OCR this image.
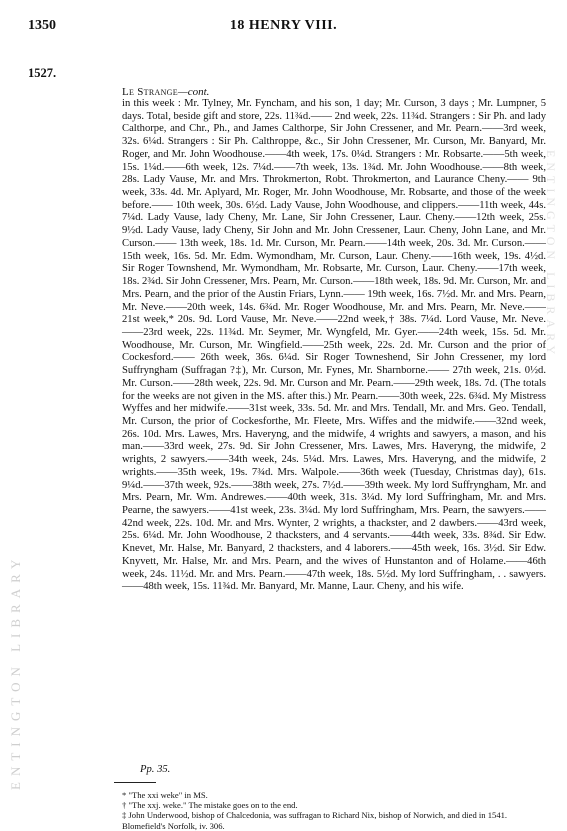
1350	18 HENRY VIII.
1527.
Le Strange—cont.

in this week : Mr. Tylney, Mr. Fyncham, and his son, 1 day; Mr. Curson, 3 days ; Mr. Lumpner, 5 days. Total, beside gift and store, 22s. 11¾d.—— 2nd week, 22s. 11¾d. Strangers : Sir Ph. and lady Calthorpe, and Chr., Ph., and James Calthorpe, Sir John Cressener, and Mr. Pearn.——3rd week, 32s. 6¼d. Strangers : Sir Ph. Calthroppe, &c., Sir John Cressener, Mr. Curson, Mr. Banyard, Mr. Roger, and Mr. John Woodhouse.——4th week, 17s. 0¼d. Strangers : Mr. Robsarte.——5th week, 15s. 1¼d.——6th week, 12s. 7¼d.——7th week, 13s. 1¾d. Mr. John Woodhouse.——8th week, 28s. Lady Vause, Mr. and Mrs. Throkmerton, Robt. Throkmerton, and Laurance Cheny.—— 9th week, 33s. 4d. Mr. Aplyard, Mr. Roger, Mr. John Woodhouse, Mr. Robsarte, and those of the week before.—— 10th week, 30s. 6½d. Lady Vause, John Woodhouse, and clippers.——11th week, 44s. 7¼d. Lady Vause, lady Cheny, Mr. Lane, Sir John Cressener, Laur. Cheny.——12th week, 25s. 9½d. Lady Vause, lady Cheny, Sir John and Mr. John Cressener, Laur. Cheny, John Lane, and Mr. Curson.—— 13th week, 18s. 1d. Mr. Curson, Mr. Pearn.——14th week, 20s. 3d. Mr. Curson.—— 15th week, 16s. 5d. Mr. Edm. Wymondham, Mr. Curson, Laur. Cheny.——16th week, 19s. 4½d. Sir Roger Townshend, Mr. Wymondham, Mr. Robsarte, Mr. Curson, Laur. Cheny.——17th week, 18s. 2¾d. Sir John Cressener, Mrs. Pearn, Mr. Curson.——18th week, 18s. 9d. Mr. Curson, Mr. and Mrs. Pearn, and the prior of the Austin Friars, Lynn.—— 19th week, 16s. 7½d. Mr. and Mrs. Pearn, Mr. Neve.——20th week, 14s. 6¾d. Mr. Roger Woodhouse, Mr. and Mrs. Pearn, Mr. Neve.—— 21st week,* 20s. 9d. Lord Vause, Mr. Neve.——22nd week,† 38s. 7¼d. Lord Vause, Mr. Neve.——23rd week, 22s. 11¾d. Mr. Seymer, Mr. Wyngfeld, Mr. Gyer.——24th week, 15s. 5d. Mr. Woodhouse, Mr. Curson, Mr. Wingfield.——25th week, 22s. 2d. Mr. Curson and the prior of Cockesford.—— 26th week, 36s. 6¼d. Sir Roger Towneshend, Sir John Cressener, my lord Suffryngham (Suffragan ?‡), Mr. Curson, Mr. Fynes, Mr. Sharnborne.—— 27th week, 21s. 0½d. Mr. Curson.——28th week, 22s. 9d. Mr. Curson and Mr. Pearn.——29th week, 18s. 7d. (The totals for the weeks are not given in the MS. after this.) Mr. Pearn.——30th week, 22s. 6¾d. My Mistress Wyffes and her midwife.——31st week, 33s. 5d. Mr. and Mrs. Tendall, Mr. and Mrs. Geo. Tendall, Mr. Curson, the prior of Cockesforthe, Mr. Fleete, Mrs. Wiffes and the midwife.——32nd week, 26s. 10d. Mrs. Lawes, Mrs. Haveryng, and the midwife, 4 wrights and sawyers, a mason, and his man.——33rd week, 27s. 9d. Sir John Cressener, Mrs. Lawes, Mrs. Haveryng, the midwife, 2 wrights, 2 sawyers.——34th week, 24s. 5¼d. Mrs. Lawes, Mrs. Haveryng, and the midwife, 2 wrights.——35th week, 19s. 7¾d. Mrs. Walpole.——36th week (Tuesday, Christmas day), 61s. 9¼d.——37th week, 92s.——38th week, 27s. 7½d.——39th week. My lord Suffryngham, Mr. and Mrs. Pearn, Mr. Wm. Andrewes.——40th week, 31s. 3¼d. My lord Suffringham, Mr. and Mrs. Pearne, the sawyers.——41st week, 23s. 3¼d. My lord Suffringham, Mrs. Pearn, the sawyers.——42nd week, 22s. 10d. Mr. and Mrs. Wynter, 2 wrights, a thackster, and 2 dawbers.——43rd week, 25s. 6¼d. Mr. John Woodhouse, 2 thacksters, and 4 servants.——44th week, 33s. 8¾d. Sir Edw. Knevet, Mr. Halse, Mr. Banyard, 2 thacksters, and 4 laborers.——45th week, 16s. 3½d. Sir Edw. Knyvett, Mr. Halse, Mr. and Mrs. Pearn, and the wives of Hunstanton and of Holame.——46th week, 24s. 11½d. Mr. and Mrs. Pearn.——47th week, 18s. 5½d. My lord Suffringham, . . sawyers.——48th week, 15s. 11¾d. Mr. Banyard, Mr. Manne, Laur. Cheny, and his wife.

Pp. 35.
* "The xxi weke" in MS.
† "The xxj. weke." The mistake goes on to the end.
‡ John Underwood, bishop of Chalcedonia, was suffragan to Richard Nix, bishop of Norwich, and died in 1541. Blomefield's Norfolk, iv. 306.
ENTINGTON LIBRARY
ENTINGTON LIBRARY
